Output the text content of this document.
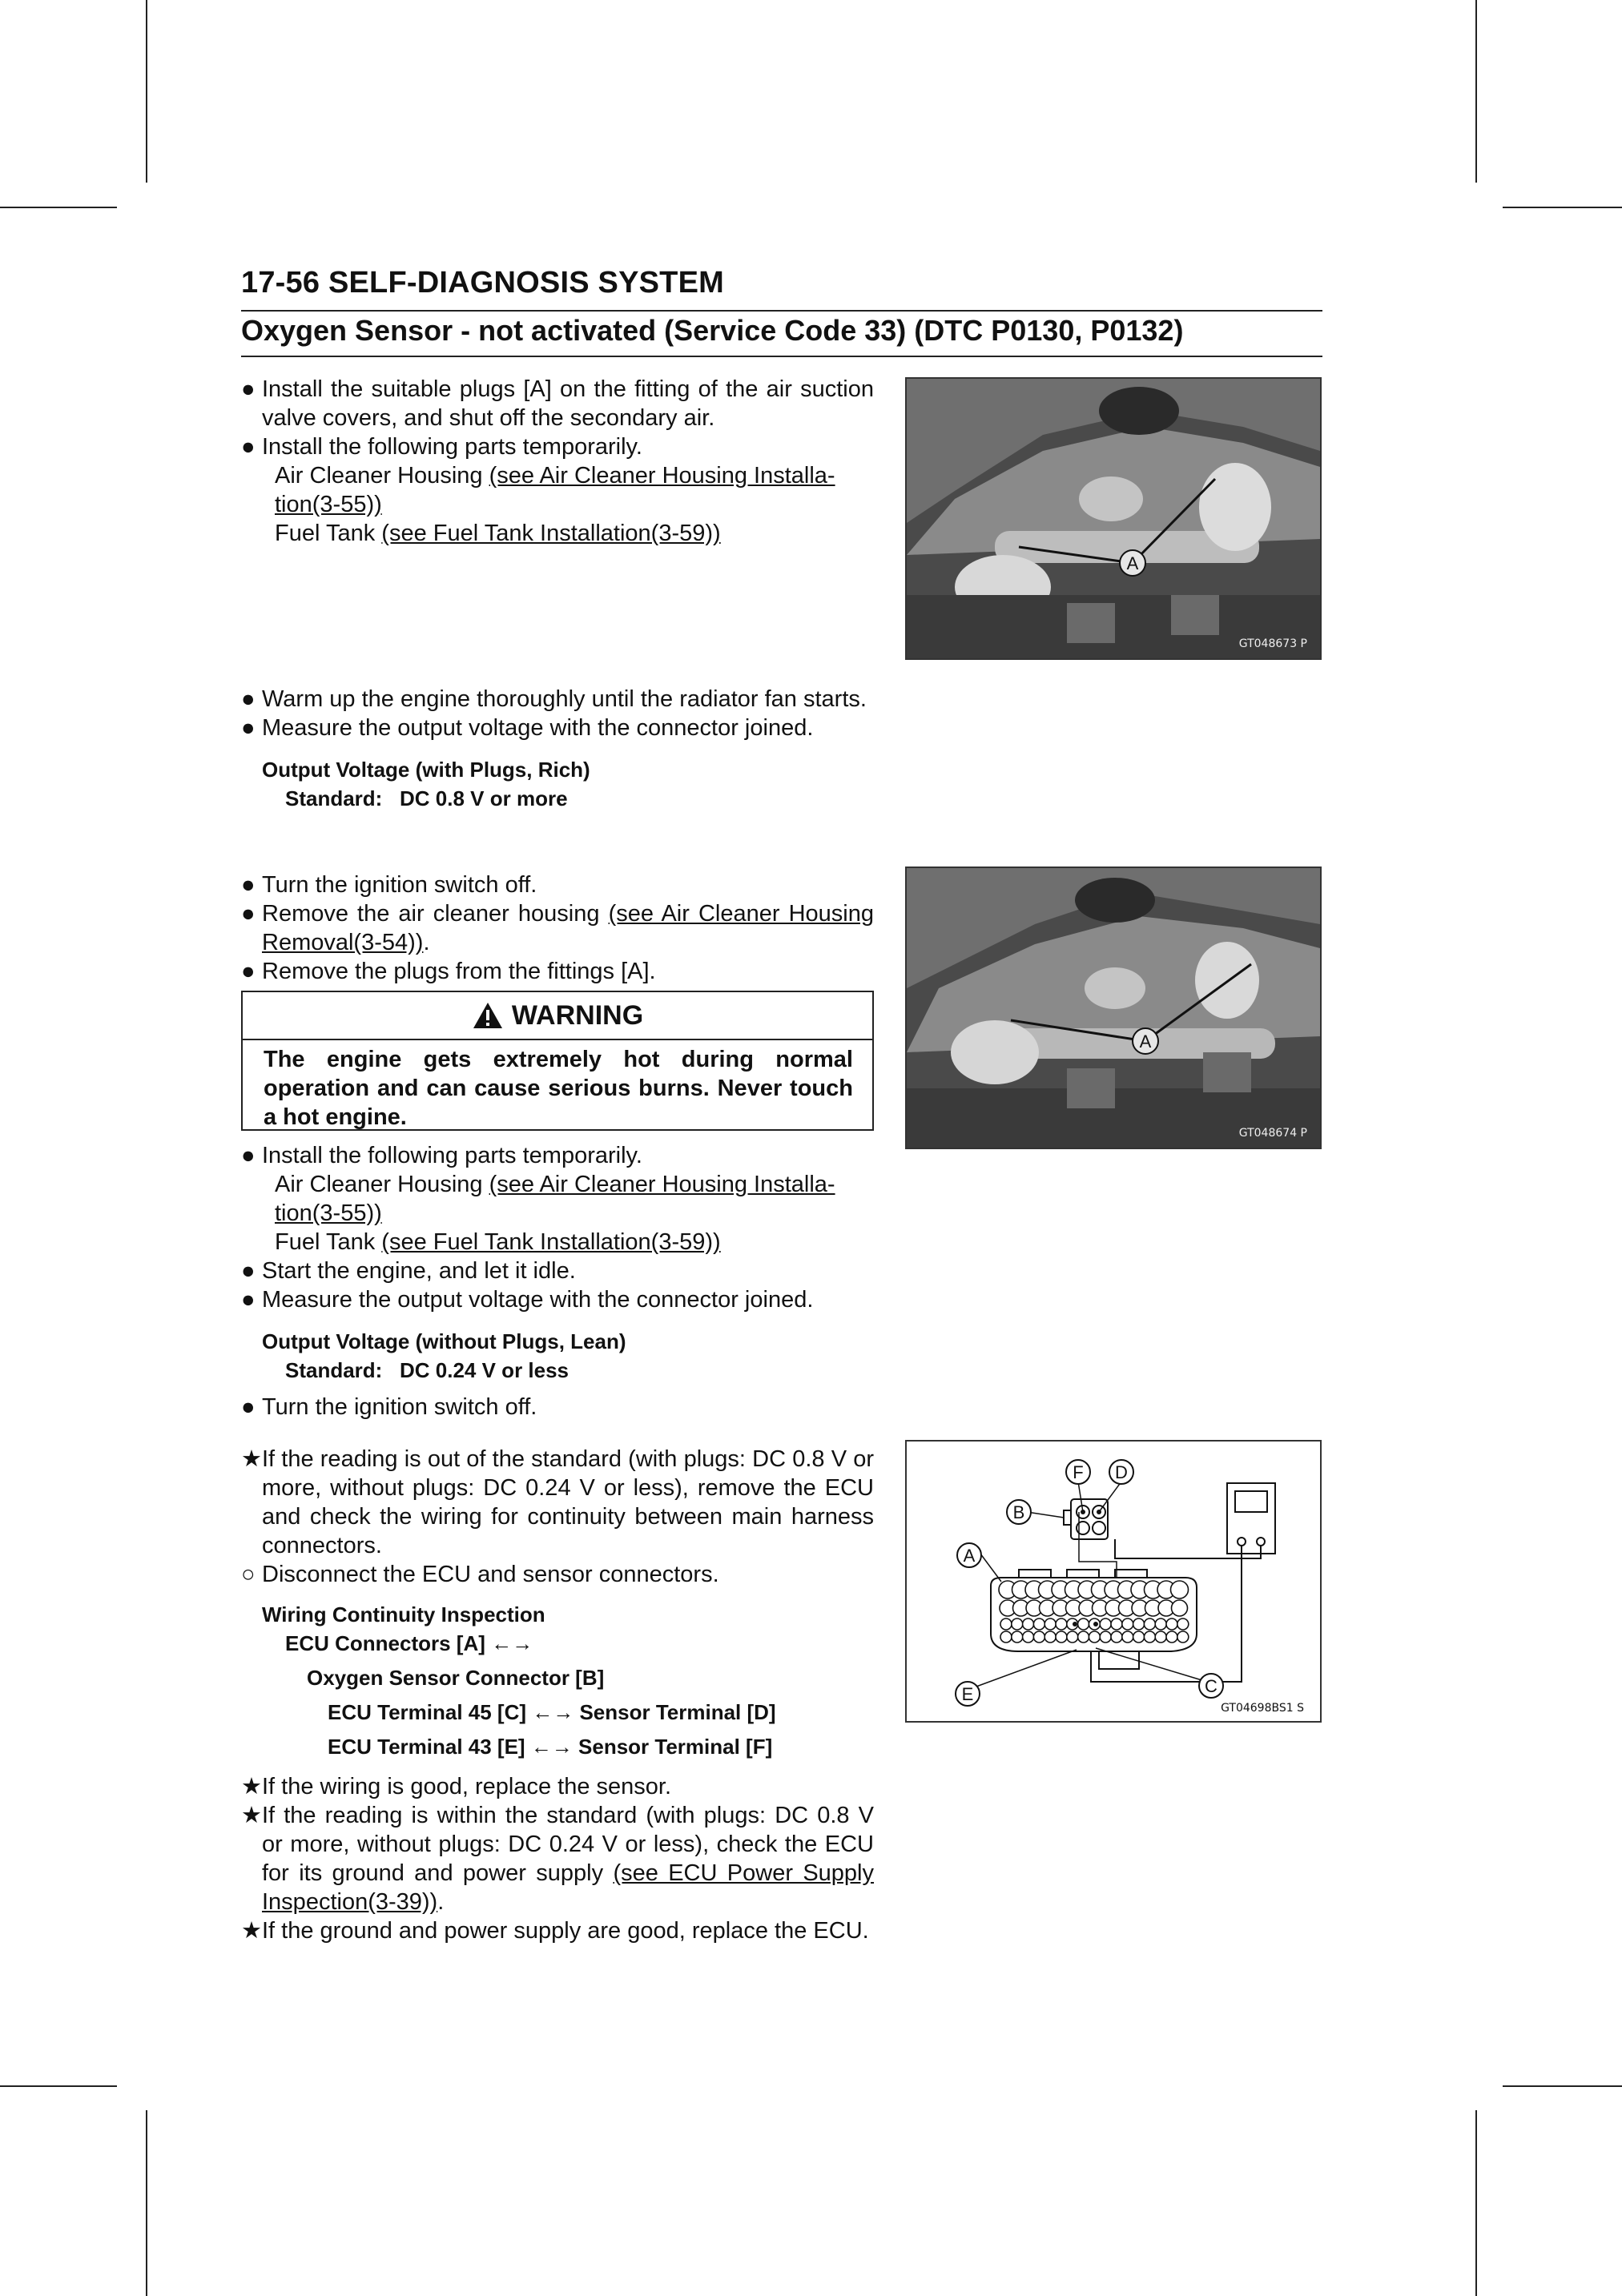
17-56 SELF-DIAGNOSIS SYSTEM
Oxygen Sensor - not activated (Service Code 33) (DTC P0130, P0132)
● Install the suitable plugs [A] on the fitting of the air suction valve covers, and shut off the secondary air.
● Install the following parts temporarily.
Air Cleaner Housing (see Air Cleaner Housing Installa-tion(3-55))
Fuel Tank (see Fuel Tank Installation(3-59))
● Warm up the engine thoroughly until the radiator fan starts.
● Measure the output voltage with the connector joined.
Output Voltage (with Plugs, Rich)
Standard: DC 0.8 V or more
● Turn the ignition switch off.
● Remove the air cleaner housing (see Air Cleaner Housing Removal(3-54)).
● Remove the plugs from the fittings [A].
WARNING
The engine gets extremely hot during normal operation and can cause serious burns. Never touch a hot engine.
● Install the following parts temporarily.
Air Cleaner Housing (see Air Cleaner Housing Installa-tion(3-55))
Fuel Tank (see Fuel Tank Installation(3-59))
● Start the engine, and let it idle.
● Measure the output voltage with the connector joined.
Output Voltage (without Plugs, Lean)
Standard: DC 0.24 V or less
● Turn the ignition switch off.
★ If the reading is out of the standard (with plugs: DC 0.8 V or more, without plugs: DC 0.24 V or less), remove the ECU and check the wiring for continuity between main harness connectors.
○ Disconnect the ECU and sensor connectors.
Wiring Continuity Inspection
ECU Connectors [A] ←→
Oxygen Sensor Connector [B]
ECU Terminal 45 [C] ←→ Sensor Terminal [D]
ECU Terminal 43 [E] ←→ Sensor Terminal [F]
★ If the wiring is good, replace the sensor.
★ If the reading is within the standard (with plugs: DC 0.8 V or more, without plugs: DC 0.24 V or less), check the ECU for its ground and power supply (see ECU Power Supply Inspection(3-39)).
★ If the ground and power supply are good, replace the ECU.
A
GT048673 P
A
GT048674 P
A
B
C
D
E
F
GT04698BS1 S
